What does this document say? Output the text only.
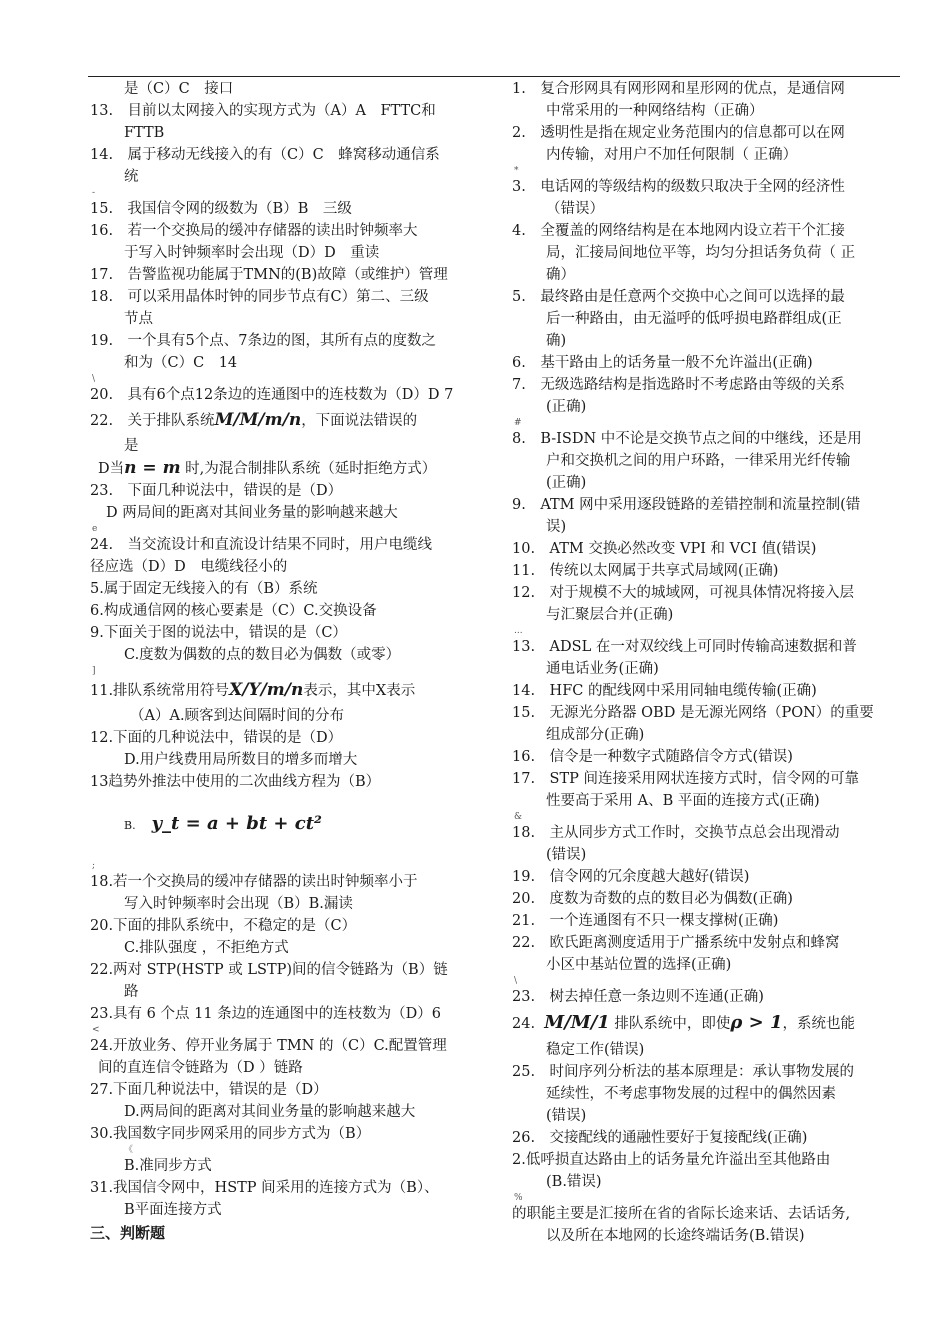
是（C）C　接口
13.　目前以太网接入的实现方式为（A）A　FTTC和
FTTB
14.　属于移动无线接入的有（C）C　蜂窝移动通信系
统
-
15.　我国信令网的级数为（B）B　三级
16.　若一个交换局的缓冲存储器的读出时钟频率大
于写入时钟频率时会出现（D）D　重读
17.　告警监视功能属于TMN的(B)故障（或维护）管理
18.　可以采用晶体时钟的同步节点有C）第二、三级
节点
19.　一个具有5个点、7条边的图，其所有点的度数之
和为（C）C　14
\
20.　具有6个点12条边的连通图中的连枝数为（D）D 7
22.　关于排队系统M/M/m/n，下面说法错误的
是
D当n = m 时,为混合制排队系统（延时拒绝方式）
23.　下面几种说法中，错误的是（D）
D 两局间的距离对其间业务量的影响越来越大
e
24.　当交流设计和直流设计结果不同时，用户电缆线
径应选（D）D　电缆线径小的
5.属于固定无线接入的有（B）系统
6.构成通信网的核心要素是（C）C.交换设备
9.下面关于图的说法中，错误的是（C）
C.度数为偶数的点的数目必为偶数（或零）
]
11.排队系统常用符号X/Y/m/n表示，其中X表示
（A）A.顾客到达间隔时间的分布
12.下面的几种说法中，错误的是（D）
D.用户线费用局所数目的增多而增大
13趋势外推法中使用的二次曲线方程为（B）
B. y_t = a + bt + ct²
;
18.若一个交换局的缓冲存储器的读出时钟频率小于
写入时钟频率时会出现（B）B.漏读
20.下面的排队系统中，不稳定的是（C）
C.排队强度 ，不拒绝方式
22.两对 STP(HSTP 或 LSTP)间的信令链路为（B）链
路
23.具有 6 个点 11 条边的连通图中的连枝数为（D）6
<
24.开放业务、停开业务属于 TMN 的（C）C.配置管理
间的直连信令链路为（D ）链路
27.下面几种说法中，错误的是（D）
D.两局间的距离对其间业务量的影响越来越大
30.我国数字同步网采用的同步方式为（B）
《
B.准同步方式
31.我国信令网中，HSTP 间采用的连接方式为（B）、
B平面连接方式
三、判断题
1.　复合形网具有网形网和星形网的优点，是通信网
中常采用的一种网络结构（正确）
2.　透明性是指在规定业务范围内的信息都可以在网
内传输，对用户不加任何限制（ 正确）
*
3.　电话网的等级结构的级数只取决于全网的经济性
（错误）
4.　全覆盖的网络结构是在本地网内设立若干个汇接
局，汇接局间地位平等，均匀分担话务负荷（ 正
确）
5.　最终路由是任意两个交换中心之间可以选择的最
后一种路由，由无溢呼的低呼损电路群组成(正
确)
6.　基干路由上的话务量一般不允许溢出(正确)
7.　无级选路结构是指选路时不考虑路由等级的关系
(正确)
#
8.　B-ISDN 中不论是交换节点之间的中继线，还是用
户和交换机之间的用户环路，一律采用光纤传输
(正确)
9.　ATM 网中采用逐段链路的差错控制和流量控制(错
误)
10.　ATM 交换必然改变 VPI 和 VCI 值(错误)
11.　传统以太网属于共享式局域网(正确)
12.　对于规模不大的城域网，可视具体情况将接入层
与汇聚层合并(正确)
...
13.　ADSL 在一对双绞线上可同时传输高速数据和普
通电话业务(正确)
14.　HFC 的配线网中采用同轴电缆传输(正确)
15.　无源光分路器 OBD 是无源光网络（PON）的重要
组成部分(正确)
16.　信令是一种数字式随路信令方式(错误)
17.　STP 间连接采用网状连接方式时，信令网的可靠
性要高于采用 A、B 平面的连接方式(正确)
&
18.　主从同步方式工作时，交换节点总会出现滑动
(错误)
19.　信令网的冗余度越大越好(错误)
20.　度数为奇数的点的数目必为偶数(正确)
21.　一个连通图有不只一棵支撑树(正确)
22.　欧氏距离测度适用于广播系统中发射点和蜂窝
小区中基站位置的选择(正确)
\
23.　树去掉任意一条边则不连通(正确)
24. M/M/1 排队系统中，即使ρ > 1，系统也能
稳定工作(错误)
25.　时间序列分析法的基本原理是：承认事物发展的
延续性，不考虑事物发展的过程中的偶然因素
(错误)
26.　交接配线的通融性要好于复接配线(正确)
2.低呼损直达路由上的话务量允许溢出至其他路由
(B.错误)
%
的职能主要是汇接所在省的省际长途来话、去话话务,
以及所在本地网的长途终端话务(B.错误)
